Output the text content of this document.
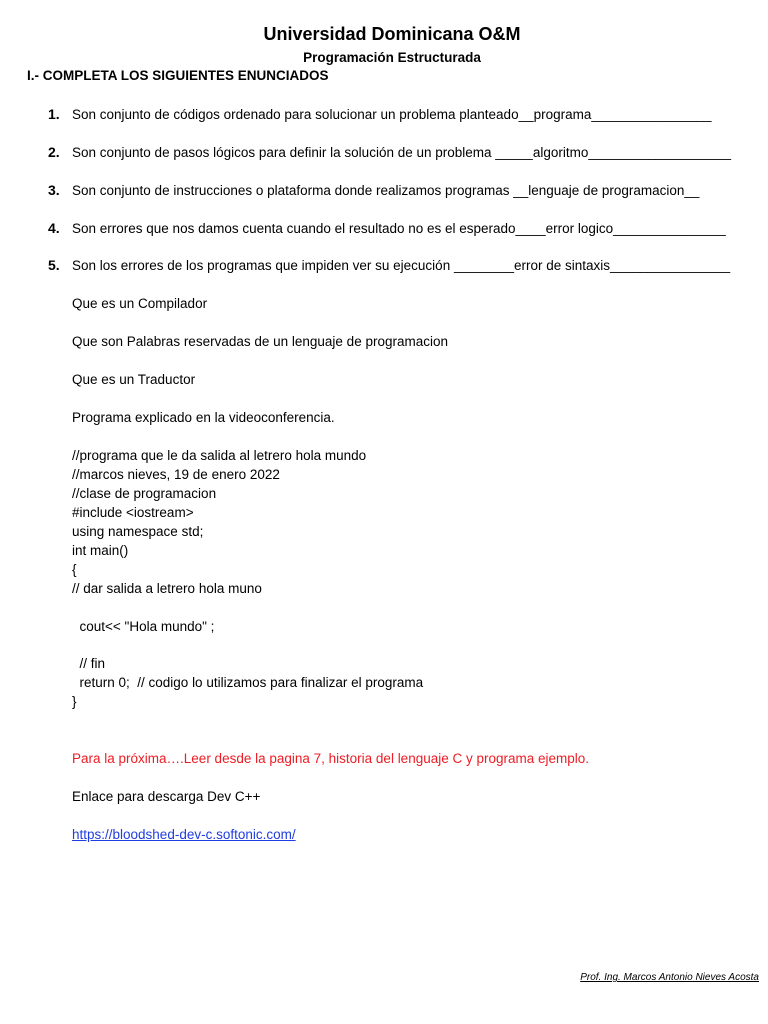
Universidad Dominicana O&M
Programación Estructurada
I.- COMPLETA LOS SIGUIENTES ENUNCIADOS
1. Son conjunto de códigos ordenado para solucionar un problema planteado__programa________________
2. Son conjunto de pasos lógicos para definir la solución de un problema _____algoritmo___________________
3. Son conjunto de instrucciones o plataforma donde realizamos programas __lenguaje de programacion__
4. Son errores que nos damos cuenta cuando el resultado no es el esperado____error logico_______________
5. Son los errores de los programas que impiden ver su ejecución ________error de sintaxis________________
Que es un Compilador
Que son Palabras reservadas de un lenguaje de programacion
Que es un Traductor
Programa explicado en la videoconferencia.
//programa que le da salida al letrero hola mundo
//marcos nieves, 19 de enero 2022
//clase de programacion
#include <iostream>
using namespace std;
int main()
{
// dar salida a letrero hola muno
cout<< "Hola mundo" ;
// fin
return 0;  // codigo lo utilizamos para finalizar el programa
}
Para la próxima….Leer desde la pagina 7, historia del lenguaje C y programa ejemplo.
Enlace para descarga Dev C++
https://bloodshed-dev-c.softonic.com/
Prof. Ing. Marcos Antonio Nieves Acosta
